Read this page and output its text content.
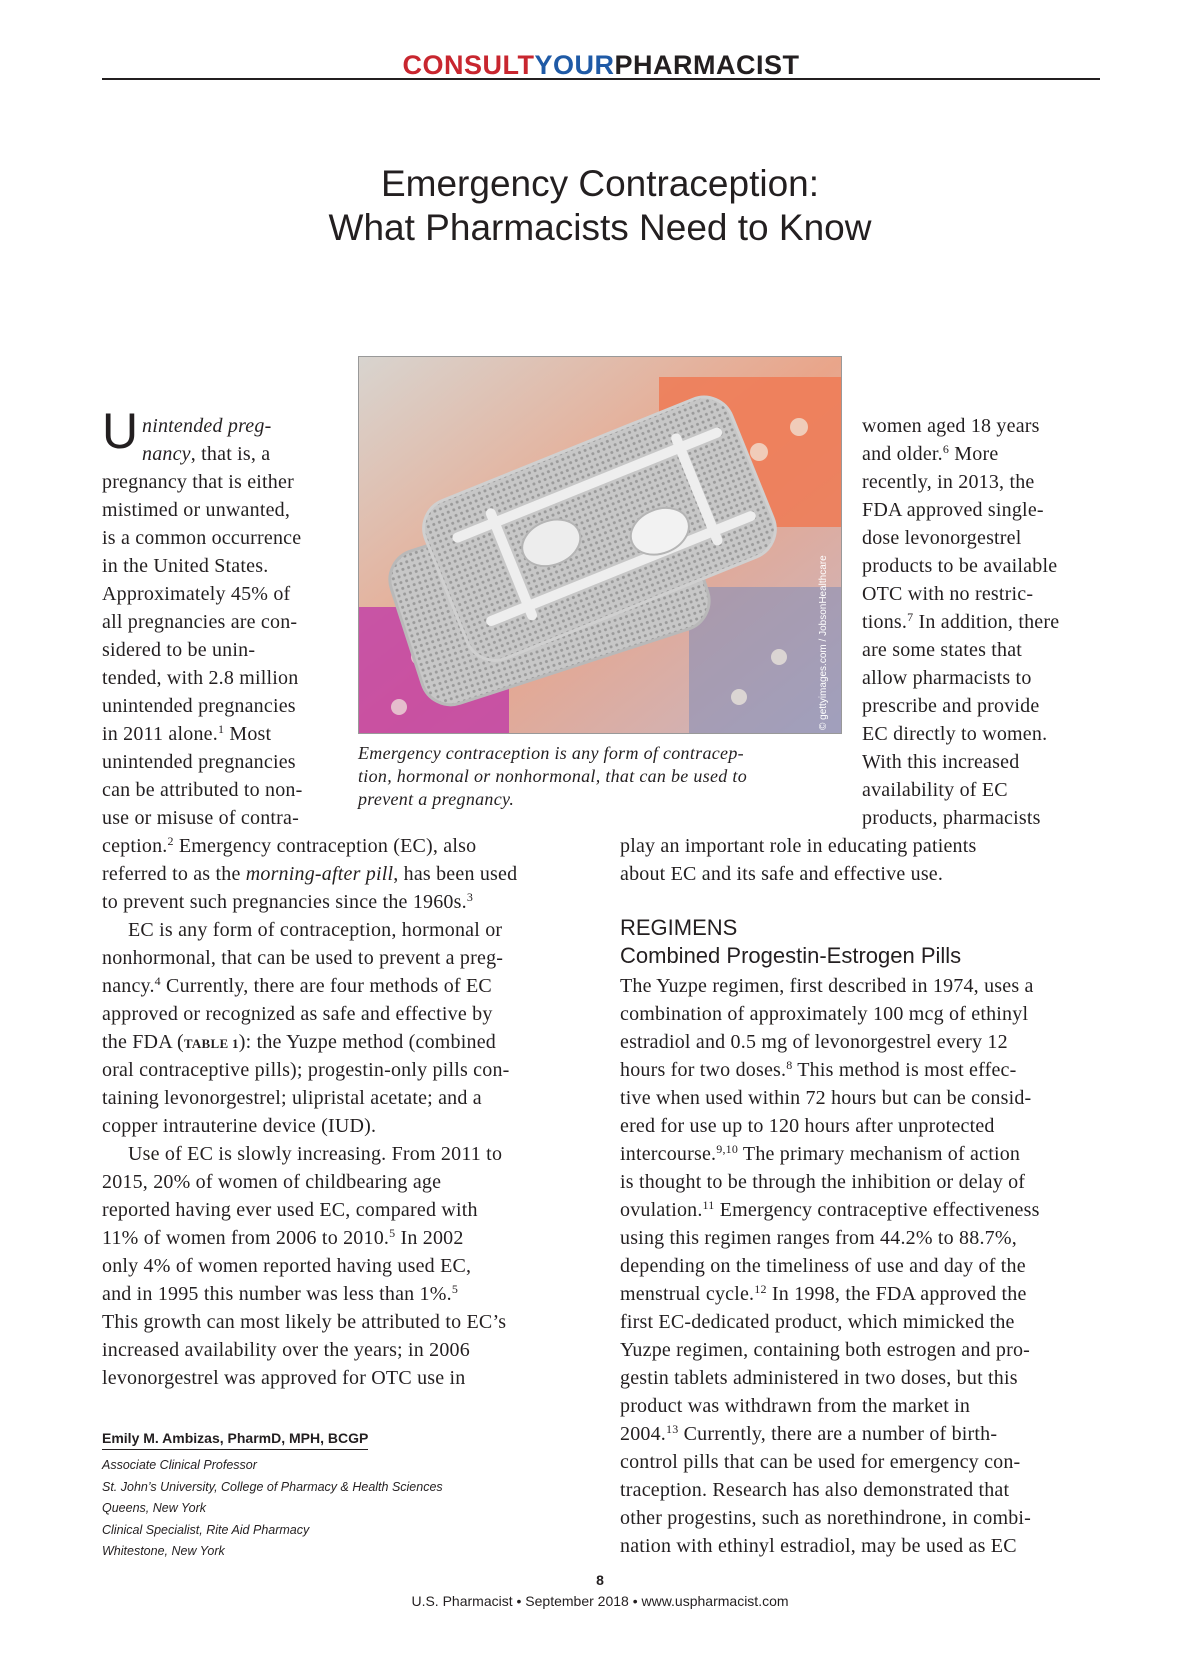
CONSULTYOURPHARMACIST
Emergency Contraception:
What Pharmacists Need to Know
© gettyimages.com / JobsonHealthcare
Emergency contraception is any form of contracep-
tion, hormonal or nonhormonal, that can be used to
prevent a pregnancy.
U nintended preg-
nancy, that is, a
pregnancy that is either
mistimed or unwanted,
is a common occurrence
in the United States.
Approximately 45% of
all pregnancies are con-
sidered to be unin-
tended, with 2.8 million
unintended pregnancies
in 2011 alone.$^1$ Most
unintended pregnancies
can be attributed to non-
use or misuse of contra-
ception.$^2$ Emergency contraception (EC), also
referred to as the morning-after pill, has been used
to prevent such pregnancies since the 1960s.$^3$
EC is any form of contraception, hormonal or
nonhormonal, that can be used to prevent a preg-
nancy.$^4$ Currently, there are four methods of EC
approved or recognized as safe and effective by
the FDA (TABLE 1): the Yuzpe method (combined
oral contraceptive pills); progestin-only pills con-
taining levonorgestrel; ulipristal acetate; and a
copper intrauterine device (IUD).
Use of EC is slowly increasing. From 2011 to
2015, 20% of women of childbearing age
reported having ever used EC, compared with
11% of women from 2006 to 2010.$^5$ In 2002
only 4% of women reported having used EC,
and in 1995 this number was less than 1%.$^5$
This growth can most likely be attributed to EC’s
increased availability over the years; in 2006
levonorgestrel was approved for OTC use in
women aged 18 years
and older.$^6$ More
recently, in 2013, the
FDA approved single-
dose levonorgestrel
products to be available
OTC with no restric-
tions.$^7$ In addition, there
are some states that
allow pharmacists to
prescribe and provide
EC directly to women.
With this increased
availability of EC
products, pharmacists
play an important role in educating patients
about EC and its safe and effective use.
REGIMENS
Combined Progestin-Estrogen Pills
The Yuzpe regimen, first described in 1974, uses a
combination of approximately 100 mcg of ethinyl
estradiol and 0.5 mg of levonorgestrel every 12
hours for two doses.$^8$ This method is most effec-
tive when used within 72 hours but can be consid-
ered for use up to 120 hours after unprotected
intercourse.$^{9,10}$ The primary mechanism of action
is thought to be through the inhibition or delay of
ovulation.$^{11}$ Emergency contraceptive effectiveness
using this regimen ranges from 44.2% to 88.7%,
depending on the timeliness of use and day of the
menstrual cycle.$^{12}$ In 1998, the FDA approved the
first EC-dedicated product, which mimicked the
Yuzpe regimen, containing both estrogen and pro-
gestin tablets administered in two doses, but this
product was withdrawn from the market in
2004.13 Currently, there are a number of birth-
control pills that can be used for emergency con-
traception. Research has also demonstrated that
other progestins, such as norethindrone, in combi-
nation with ethinyl estradiol, may be used as EC
Emily M. Ambizas, PharmD, MPH, BCGP
Associate Clinical Professor
St. John’s University, College of Pharmacy & Health Sciences
Queens, New York
Clinical Specialist, Rite Aid Pharmacy
Whitestone, New York
8
U.S. Pharmacist • September 2018 • www.uspharmacist.com
